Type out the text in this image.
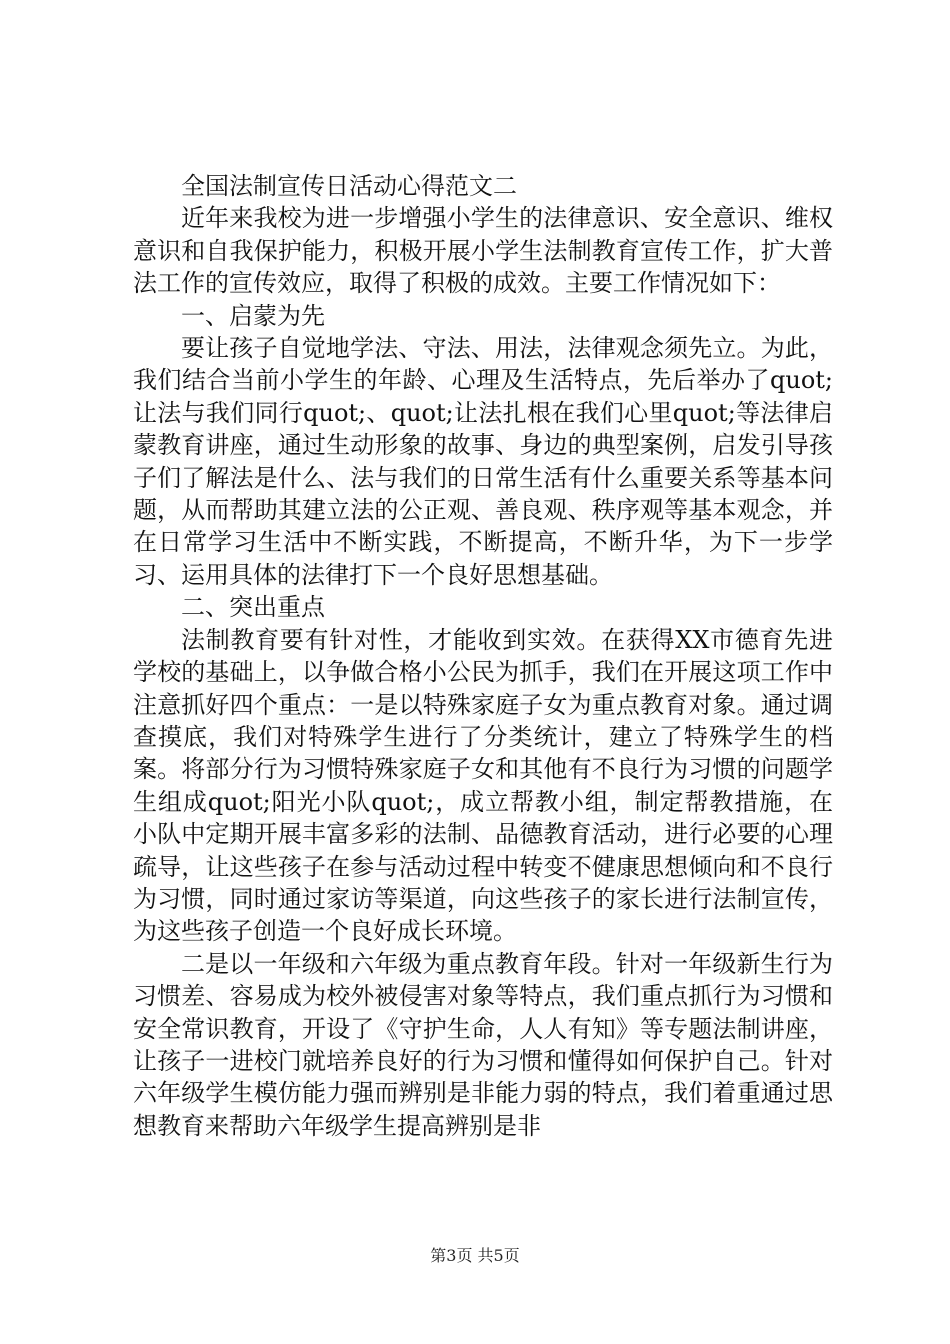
全国法制宣传日活动心得范文二

近年来我校为进一步增强小学生的法律意识、安全意识、维权意识和自我保护能力，积极开展小学生法制教育宣传工作，扩大普法工作的宣传效应，取得了积极的成效。主要工作情况如下：

一、启蒙为先

要让孩子自觉地学法、守法、用法，法律观念须先立。为此，我们结合当前小学生的年龄、心理及生活特点，先后举办了quot;让法与我们同行quot;、quot;让法扎根在我们心里quot;等法律启蒙教育讲座，通过生动形象的故事、身边的典型案例，启发引导孩子们了解法是什么、法与我们的日常生活有什么重要关系等基本问题，从而帮助其建立法的公正观、善良观、秩序观等基本观念，并在日常学习生活中不断实践，不断提高，不断升华，为下一步学习、运用具体的法律打下一个良好思想基础。

二、突出重点

法制教育要有针对性，才能收到实效。在获得XX市德育先进学校的基础上，以争做合格小公民为抓手，我们在开展这项工作中注意抓好四个重点：一是以特殊家庭子女为重点教育对象。通过调查摸底，我们对特殊学生进行了分类统计，建立了特殊学生的档案。将部分行为习惯特殊家庭子女和其他有不良行为习惯的问题学生组成quot;阳光小队quot;，成立帮教小组，制定帮教措施，在小队中定期开展丰富多彩的法制、品德教育活动，进行必要的心理疏导，让这些孩子在参与活动过程中转变不健康思想倾向和不良行为习惯，同时通过家访等渠道，向这些孩子的家长进行法制宣传，为这些孩子创造一个良好成长环境。

二是以一年级和六年级为重点教育年段。针对一年级新生行为习惯差、容易成为校外被侵害对象等特点，我们重点抓行为习惯和安全常识教育，开设了《守护生命，人人有知》等专题法制讲座，让孩子一进校门就培养良好的行为习惯和懂得如何保护自己。针对六年级学生模仿能力强而辨别是非能力弱的特点，我们着重通过思想教育来帮助六年级学生提高辨别是非

第3页 共5页
